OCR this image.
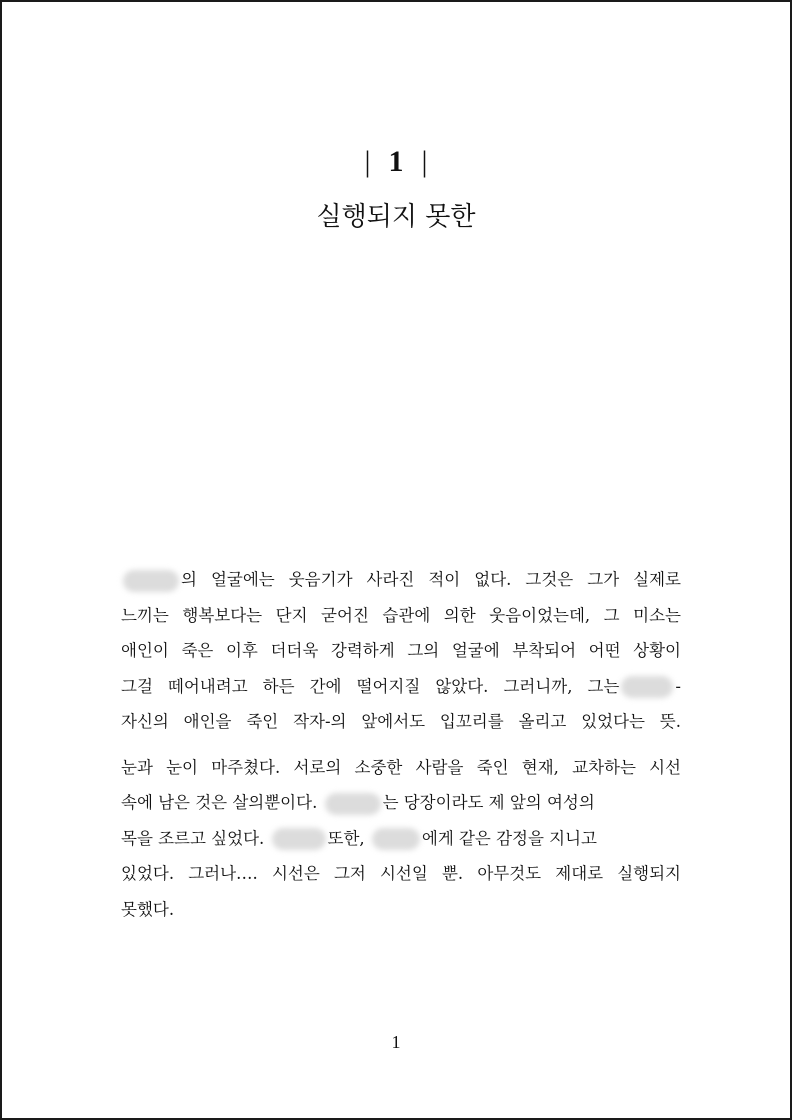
| 1 |
실행되지 못한
의 얼굴에는 웃음기가 사라진 적이 없다. 그것은 그가 실제로
느끼는 행복보다는 단지 굳어진 습관에 의한 웃음이었는데, 그 미소는
애인이 죽은 이후 더더욱 강력하게 그의 얼굴에 부착되어 어떤 상황이
그걸 떼어내려고 하든 간에 떨어지질 않았다. 그러니까, 그는	-
자신의 애인을 죽인 작자-의 앞에서도 입꼬리를 올리고 있었다는 뜻.
눈과 눈이 마주쳤다. 서로의 소중한 사람을 죽인 현재, 교차하는 시선
속에 남은 것은 살의뿐이다.	는 당장이라도 제 앞의 여성의
목을 조르고 싶었다.	또한,	에게 같은 감정을 지니고
있었다. 그러나…. 시선은 그저 시선일 뿐. 아무것도 제대로 실행되지
못했다.
1
